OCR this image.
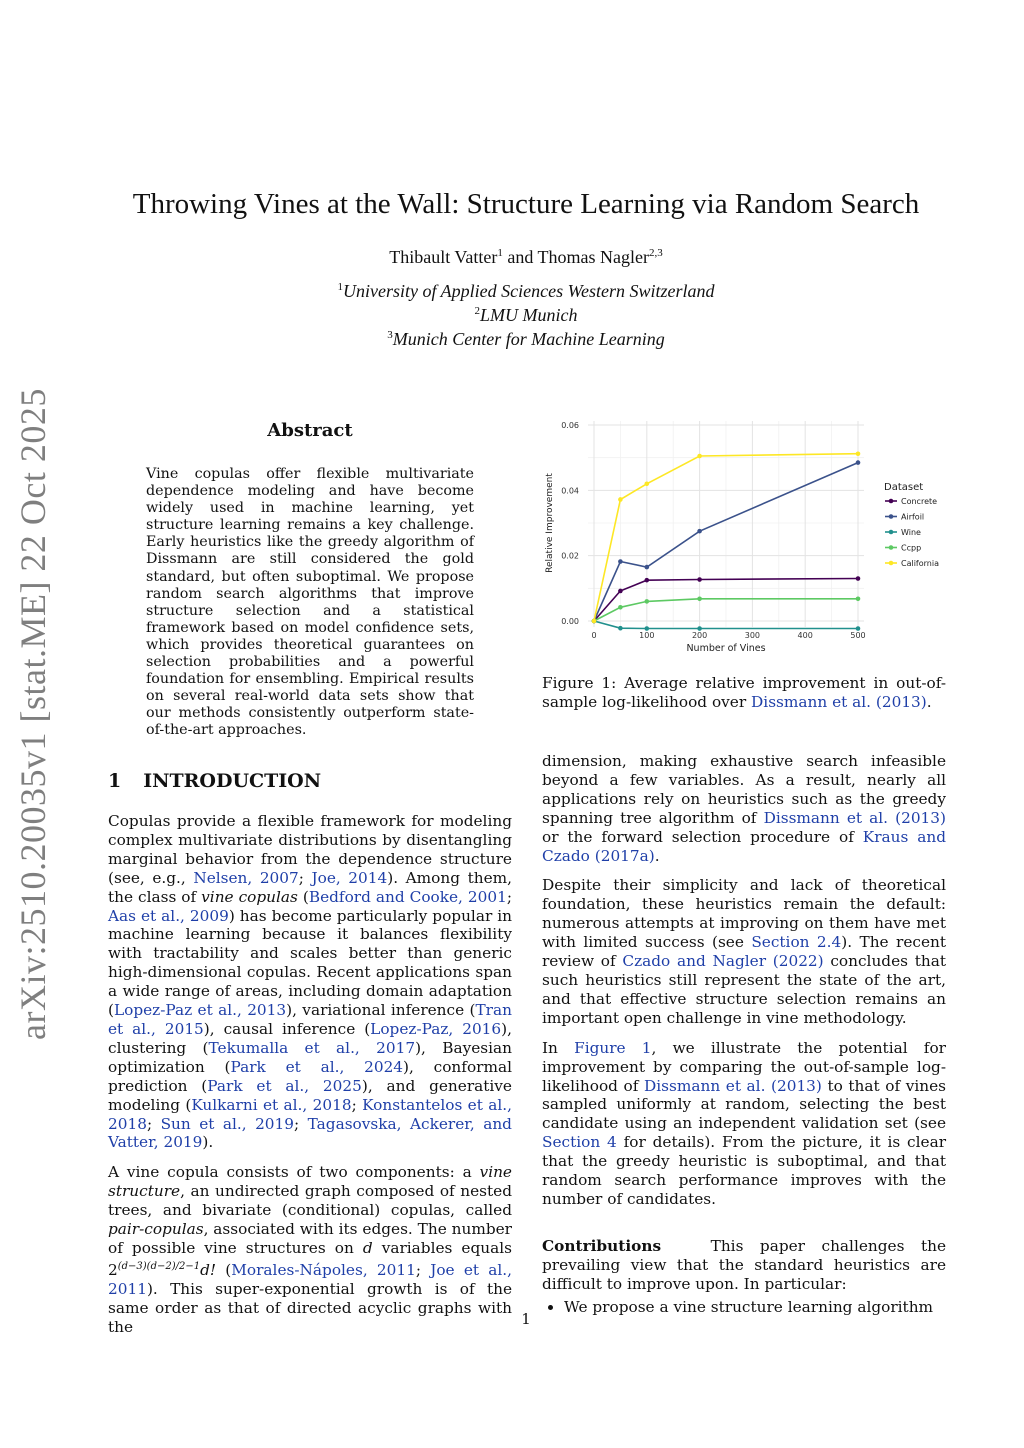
arXiv:2510.20035v1 [stat.ME] 22 Oct 2025
Throwing Vines at the Wall: Structure Learning via Random Search
Thibault Vatter$^1$ and Thomas Nagler$^{2,3}$
$^1$University of Applied Sciences Western Switzerland
$^2$LMU Munich
$^3$Munich Center for Machine Learning
Abstract
Vine copulas offer flexible multivariate dependence modeling and have become widely used in machine learning, yet structure learning remains a key challenge. Early heuristics like the greedy algorithm of Dissmann are still considered the gold standard, but often suboptimal. We propose random search algorithms that improve structure selection and a statistical framework based on model confidence sets, which provides theoretical guarantees on selection probabilities and a powerful foundation for ensembling. Empirical results on several real-world data sets show that our methods consistently outperform state-of-the-art approaches.
0.00
0.02
0.04
0.06
0	100	200	300	400	500
Relative Improvement
Number of Vines
Dataset
Concrete
Airfoil
Wine
Ccpp
California
Figure 1: Average relative improvement in out-of-sample log-likelihood over Dissmann et al. (2013).
1 INTRODUCTION

Copulas provide a flexible framework for modeling complex multivariate distributions by disentangling marginal behavior from the dependence structure (see, e.g., Nelsen, 2007; Joe, 2014). Among them, the class of vine copulas (Bedford and Cooke, 2001; Aas et al., 2009) has become particularly popular in machine learning because it balances flexibility with tractability and scales better than generic high-dimensional copulas. Recent applications span a wide range of areas, including domain adaptation (Lopez-Paz et al., 2013), variational inference (Tran et al., 2015), causal inference (Lopez-Paz, 2016), clustering (Tekumalla et al., 2017), Bayesian optimization (Park et al., 2024), conformal prediction (Park et al., 2025), and generative modeling (Kulkarni et al., 2018; Konstantelos et al., 2018; Sun et al., 2019; Tagasovska, Ackerer, and Vatter, 2019).

A vine copula consists of two components: a vine structure, an undirected graph composed of nested trees, and bivariate (conditional) copulas, called pair-copulas, associated with its edges. The number of possible vine structures on d variables equals $2^{(d-3)(d-2)/2-1}d$! (Morales-Nápoles, 2011; Joe et al., 2011). This super-exponential growth is of the same order as that of directed acyclic graphs with the

dimension, making exhaustive search infeasible beyond a few variables. As a result, nearly all applications rely on heuristics such as the greedy spanning tree algorithm of Dissmann et al. (2013) or the forward selection procedure of Kraus and Czado (2017a).

Despite their simplicity and lack of theoretical foundation, these heuristics remain the default: numerous attempts at improving on them have met with limited success (see Section 2.4). The recent review of Czado and Nagler (2022) concludes that such heuristics still represent the state of the art, and that effective structure selection remains an important open challenge in vine methodology.

In Figure 1, we illustrate the potential for improvement by comparing the out-of-sample log-likelihood of Dissmann et al. (2013) to that of vines sampled uniformly at random, selecting the best candidate using an independent validation set (see Section 4 for details). From the picture, it is clear that the greedy heuristic is suboptimal, and that random search performance improves with the number of candidates.

Contributions   This paper challenges the prevailing view that the standard heuristics are difficult to improve upon. In particular:

• We propose a vine structure learning algorithm
1
